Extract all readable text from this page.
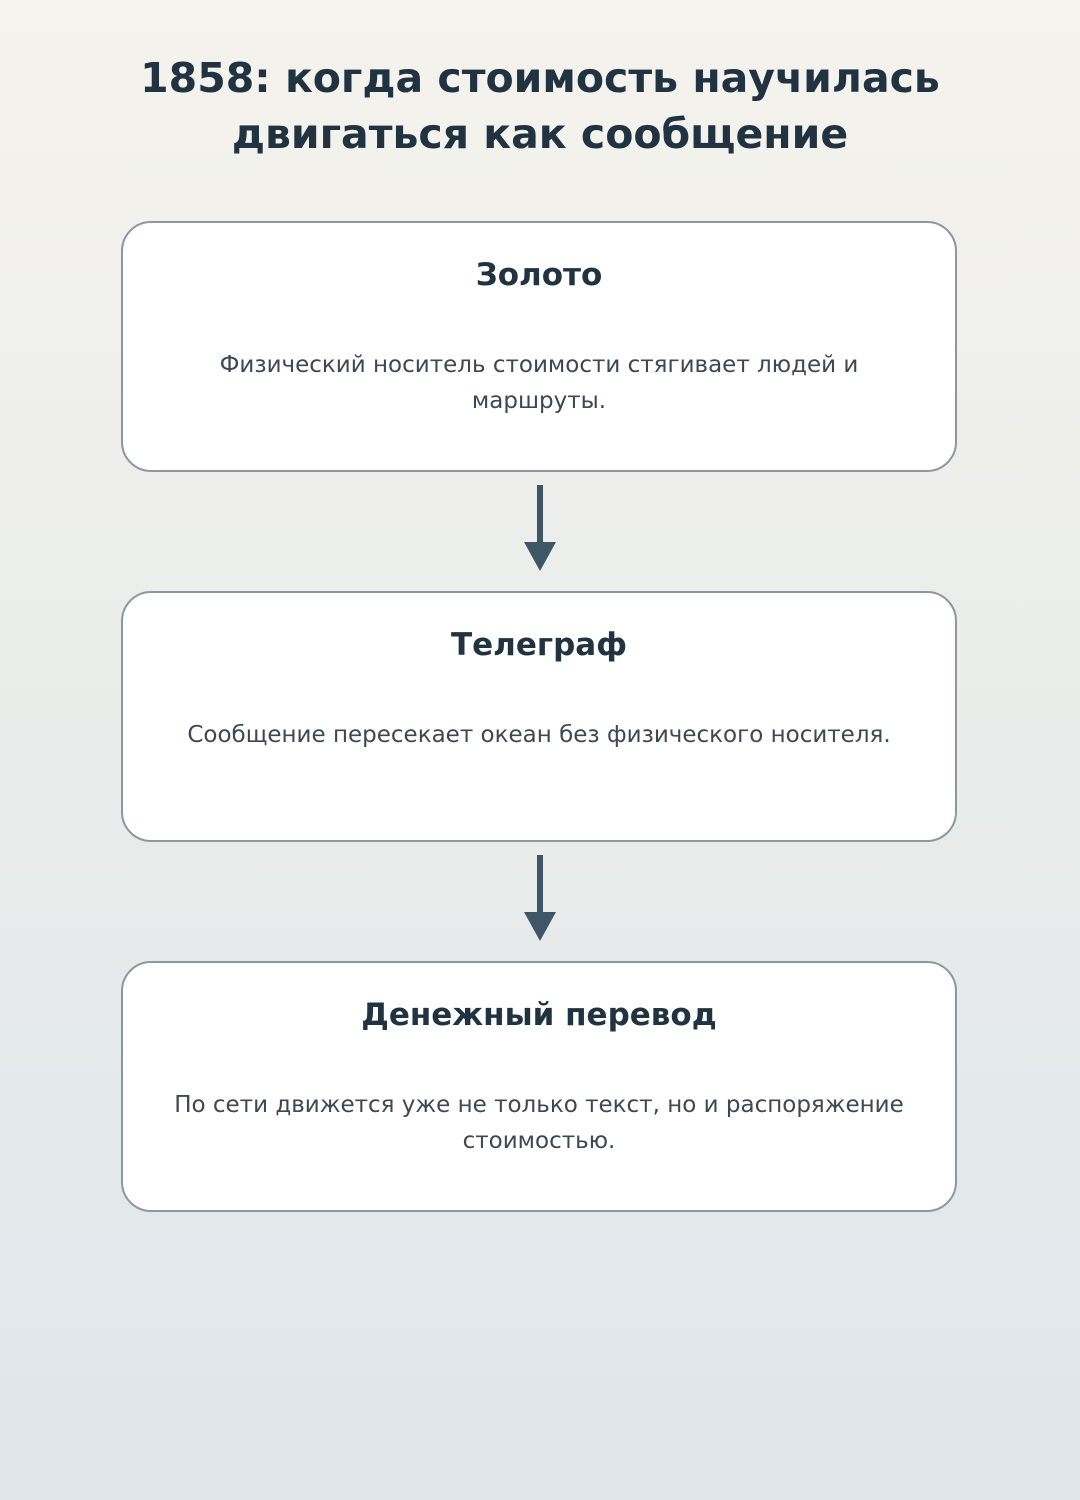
1858: когда стоимость научилась
двигаться как сообщение
Золото

Физический носитель стоимости стягивает людей и маршруты.

Телеграф

Сообщение пересекает океан без физического носителя.

Денежный перевод

По сети движется уже не только текст, но и распоряжение стоимостью.
